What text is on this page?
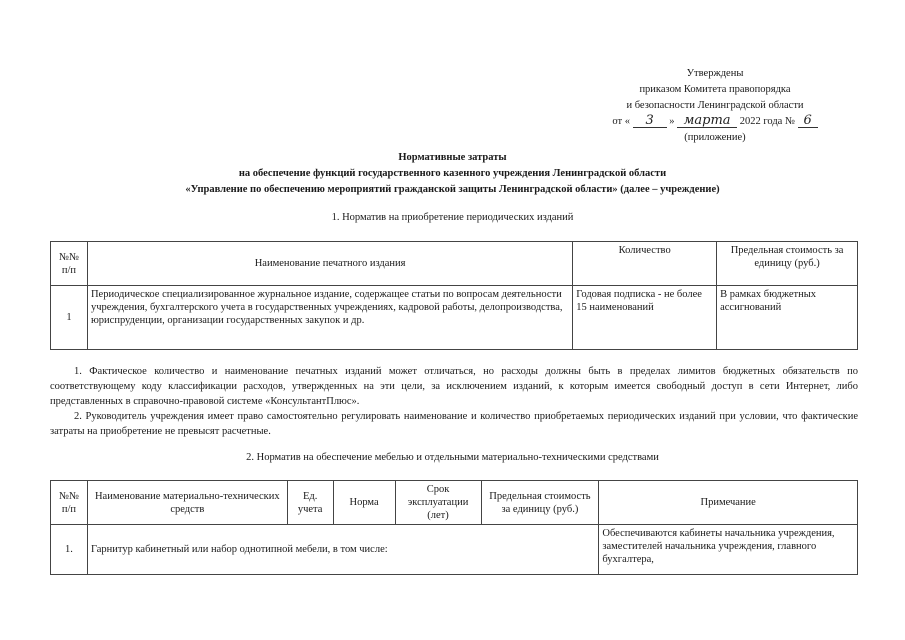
Утверждены
приказом Комитета правопорядка
и безопасности Ленинградской области
от « 3 » марта 2022 года № 6
(приложение)
Нормативные затраты
на обеспечение функций государственного казенного учреждения Ленинградской области
«Управление по обеспечению мероприятий гражданской защиты Ленинградской области» (далее – учреждение)
1. Норматив на приобретение периодических изданий
№№ п/п	Наименование печатного издания	Количество	Предельная стоимость за единицу (руб.)
1	Периодическое специализированное журнальное издание, содержащее статьи по вопросам деятельности учреждения, бухгалтерского учета в государственных учреждениях, кадровой работы, делопроизводства, юриспруденции, организации государственных закупок и др.	Годовая подписка - не более 15 наименований	В рамках бюджетных ассигнований

1. Фактическое количество и наименование печатных изданий может отличаться, но расходы должны быть в пределах лимитов бюджетных обязательств по соответствующему коду классификации расходов, утвержденных на эти цели, за исключением изданий, к которым имеется свободный доступ в сети Интернет, либо представленных в справочно-правовой системе «КонсультантПлюс».

2. Руководитель учреждения имеет право самостоятельно регулировать наименование и количество приобретаемых периодических изданий при условии, что фактические затраты на приобретение не превысят расчетные.

2. Норматив на обеспечение мебелью и отдельными материально-техническими средствами
№№ п/п	Наименование материально-технических средств	Ед. учета	Норма	Срок эксплуатации (лет)	Предельная стоимость за единицу (руб.)	Примечание
1.	Гарнитур кабинетный или набор однотипной мебели, в том числе:					Обеспечиваются кабинеты начальника учреждения, заместителей начальника учреждения, главного бухгалтера,
